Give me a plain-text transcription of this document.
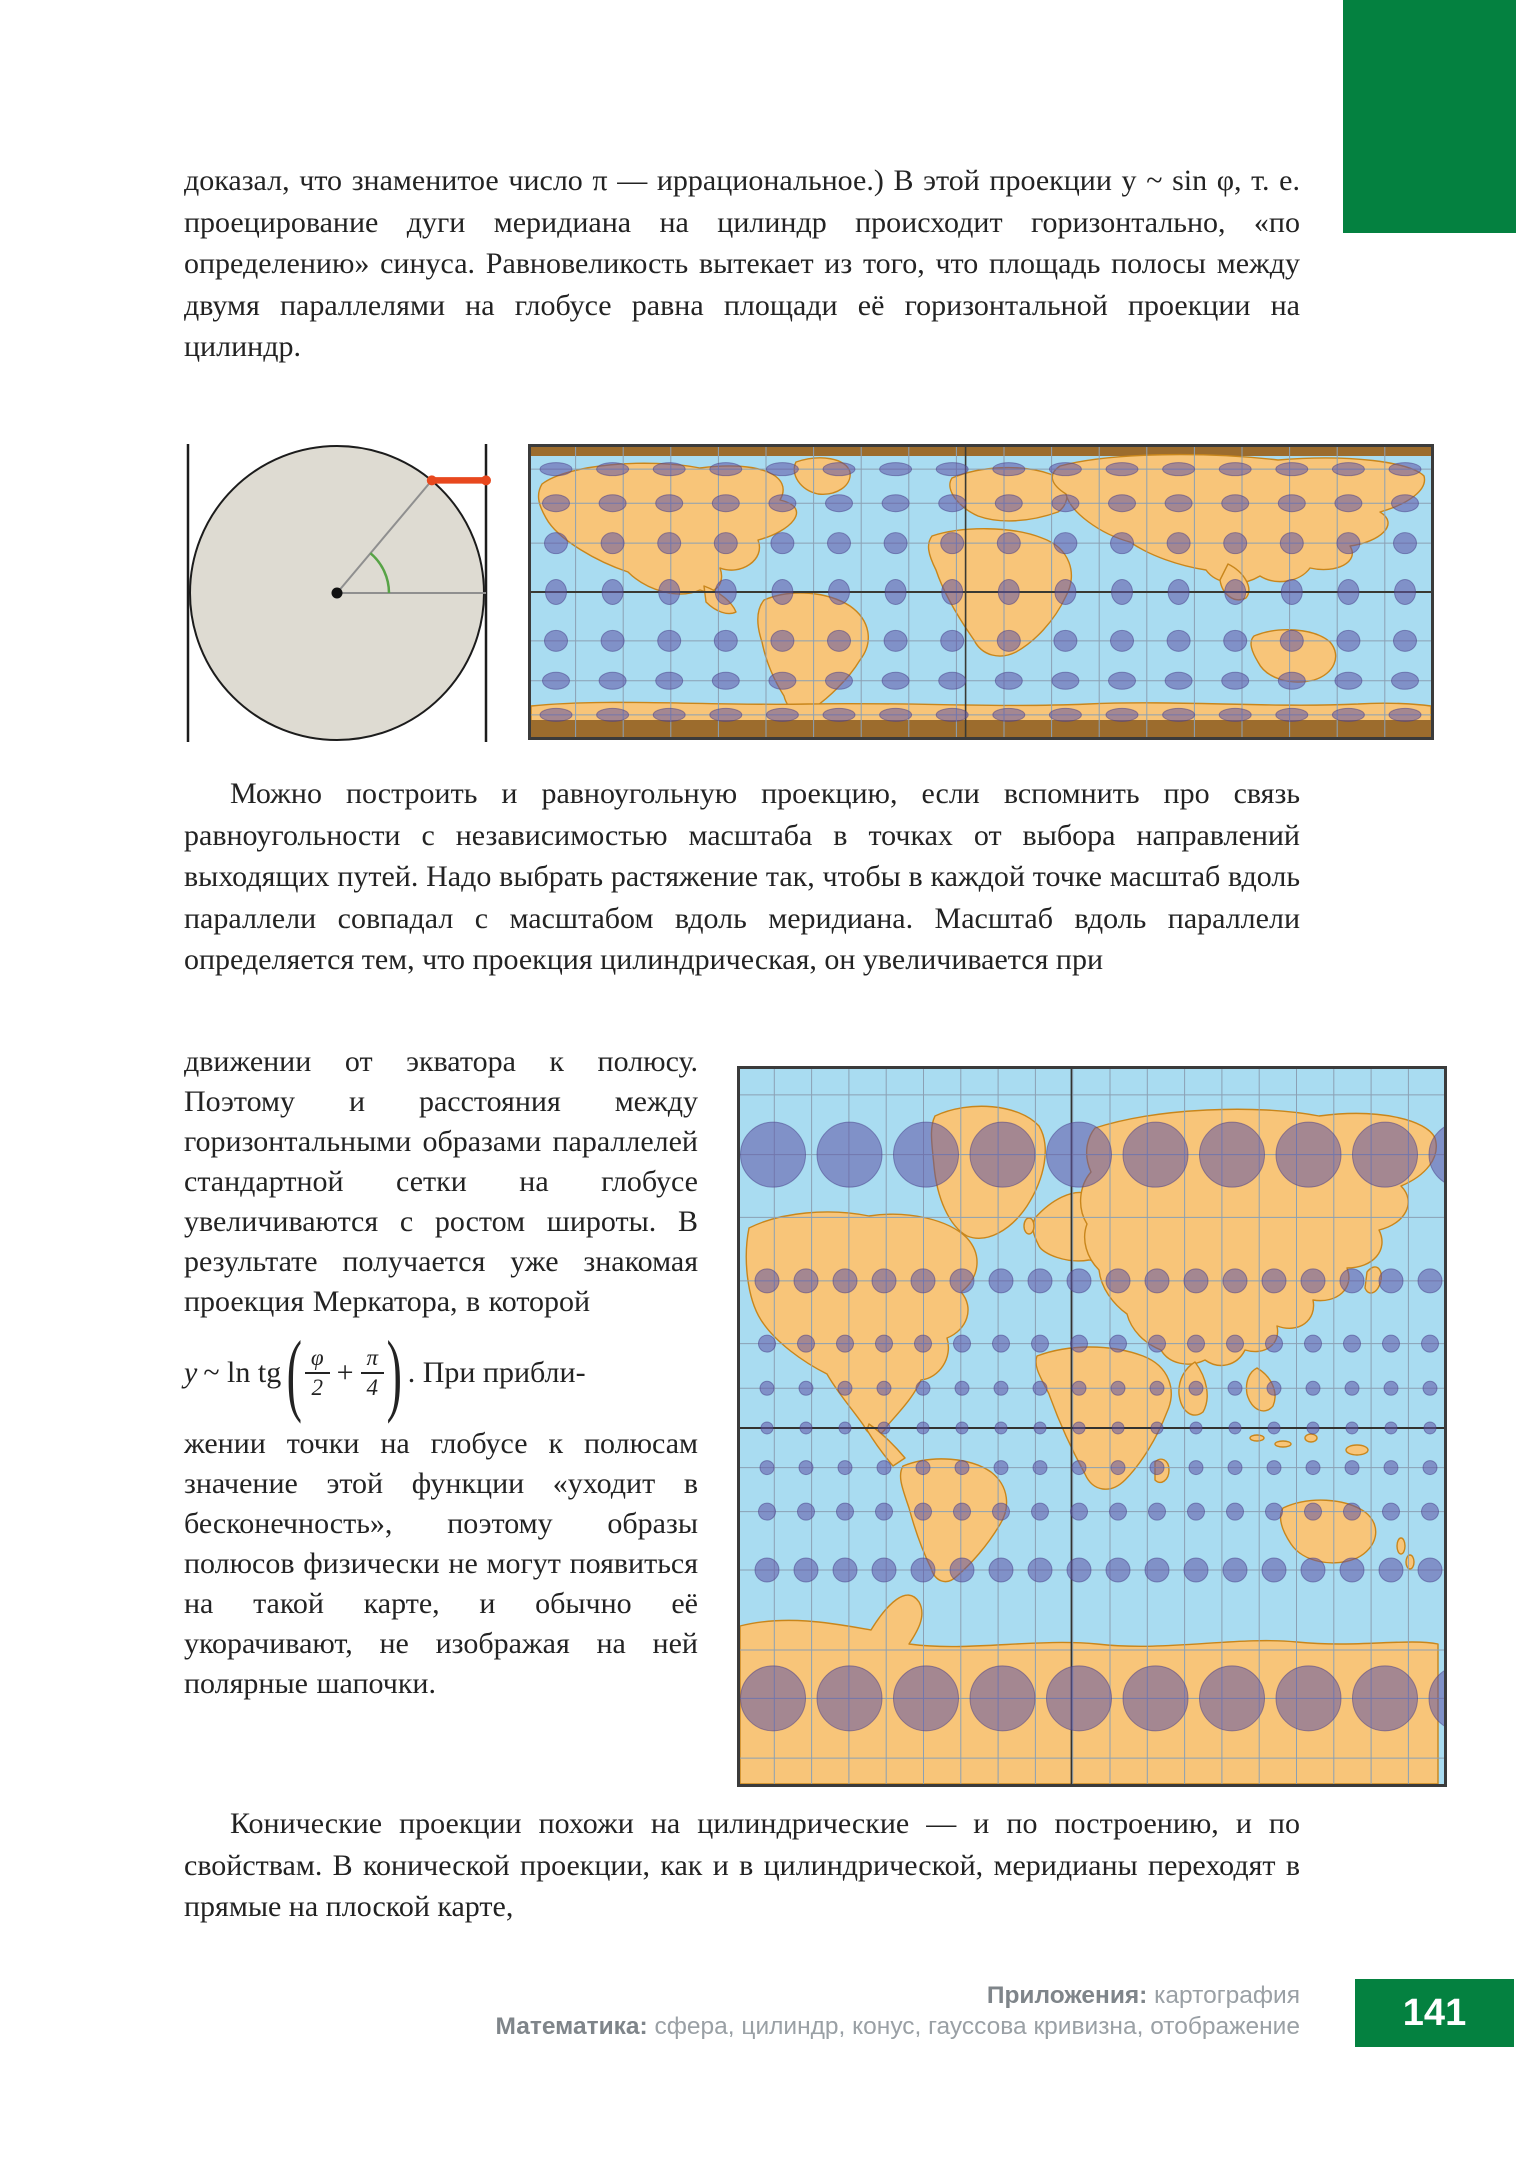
доказал, что знаменитое число π — иррациональное.) В этой проекции y ~ sin φ, т. е. проецирование дуги меридиана на цилиндр происходит горизонтально, «по определению» синуса. Равновеликость вытекает из того, что площадь полосы между двумя параллелями на глобусе равна площади её горизонтальной проекции на цилиндр.

Можно построить и равноугольную проекцию, если вспомнить про связь равноугольности с независимостью масштаба в точках от выбора направлений выходящих путей. Надо выбрать растяжение так, чтобы в каждой точке масштаб вдоль параллели совпадал с масштабом вдоль меридиана. Масштаб вдоль параллели определяется тем, что проекция цилиндрическая, он увеличивается при

движении от экватора к полюсу. Поэтому и расстояния между горизонтальными образами параллелей стандартной сетки на глобусе увеличиваются с ростом широты. В результате получается уже знакомая проекция Меркатора, в которой

y ~ ln tg ( $\frac{\varphi}{2} + \frac{\pi}{4}$ ) . При прибли-

жении точки на глобусе к полюсам значение этой функции «уходит в бесконечность», поэтому образы полюсов физически не могут появиться на такой карте, и обычно её укорачивают, не изображая на ней полярные шапочки.

Конические проекции похожи на цилиндрические — и по построению, и по свойствам. В конической проекции, как и в цилиндрической, меридианы переходят в прямые на плоской карте,

Приложения: картография
Математика: сфера, цилиндр, конус, гауссова кривизна, отображение	141
